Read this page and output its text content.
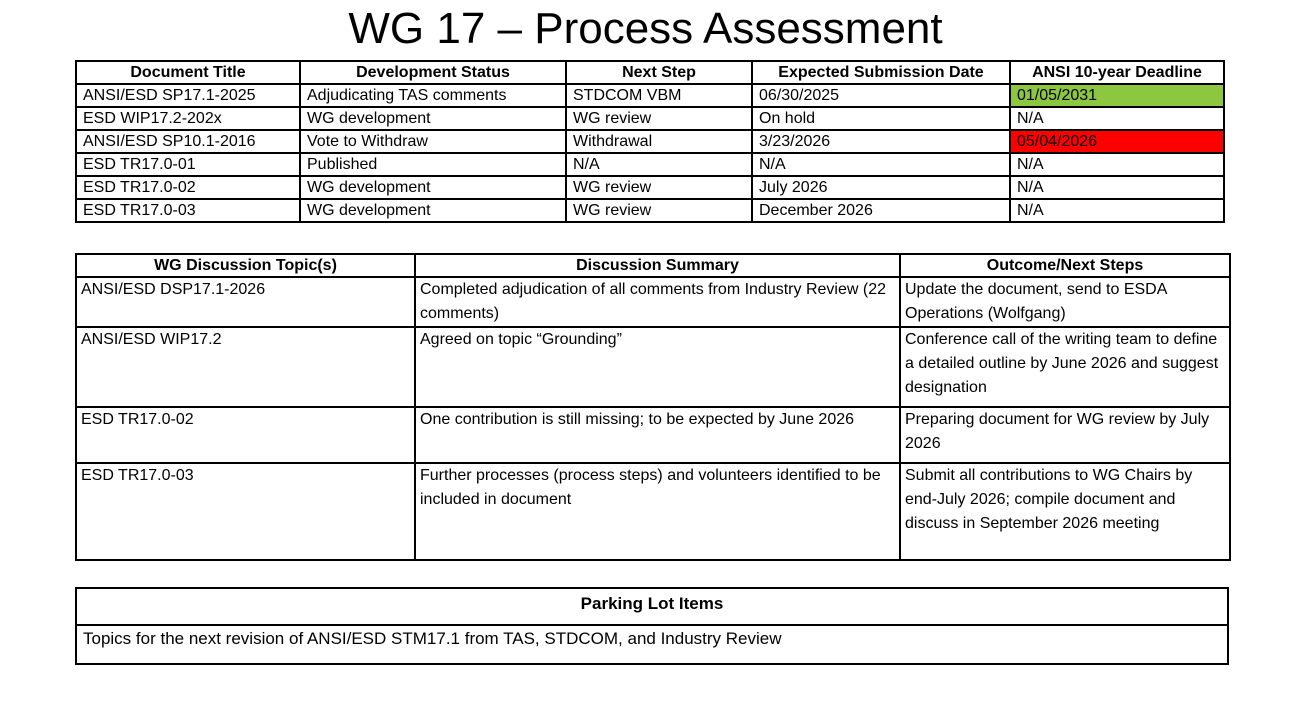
WG 17 – Process Assessment
Document Title	Development Status	Next Step	Expected Submission Date	ANSI 10-year Deadline
ANSI/ESD SP17.1-2025	Adjudicating TAS comments	STDCOM VBM	06/30/2025	01/05/2031
ESD WIP17.2-202x	WG development	WG review	On hold	N/A
ANSI/ESD SP10.1-2016	Vote to Withdraw	Withdrawal	3/23/2026	05/04/2026
ESD TR17.0-01	Published	N/A	N/A	N/A
ESD TR17.0-02	WG development	WG review	July 2026	N/A
ESD TR17.0-03	WG development	WG review	December 2026	N/A
WG Discussion Topic(s)	Discussion Summary	Outcome/Next Steps
ANSI/ESD DSP17.1-2026	Completed adjudication of all comments from Industry Review (22 comments)	Update the document, send to ESDA Operations (Wolfgang)
ANSI/ESD WIP17.2	Agreed on topic “Grounding”	Conference call of the writing team to define a detailed outline by June 2026 and suggest designation
ESD TR17.0-02	One contribution is still missing; to be expected by June 2026	Preparing document for WG review by July 2026
ESD TR17.0-03	Further processes (process steps) and volunteers identified to be included in document	Submit all contributions to WG Chairs by end-July 2026; compile document and discuss in September 2026 meeting
Parking Lot Items
Topics for the next revision of ANSI/ESD STM17.1 from TAS, STDCOM, and Industry Review
